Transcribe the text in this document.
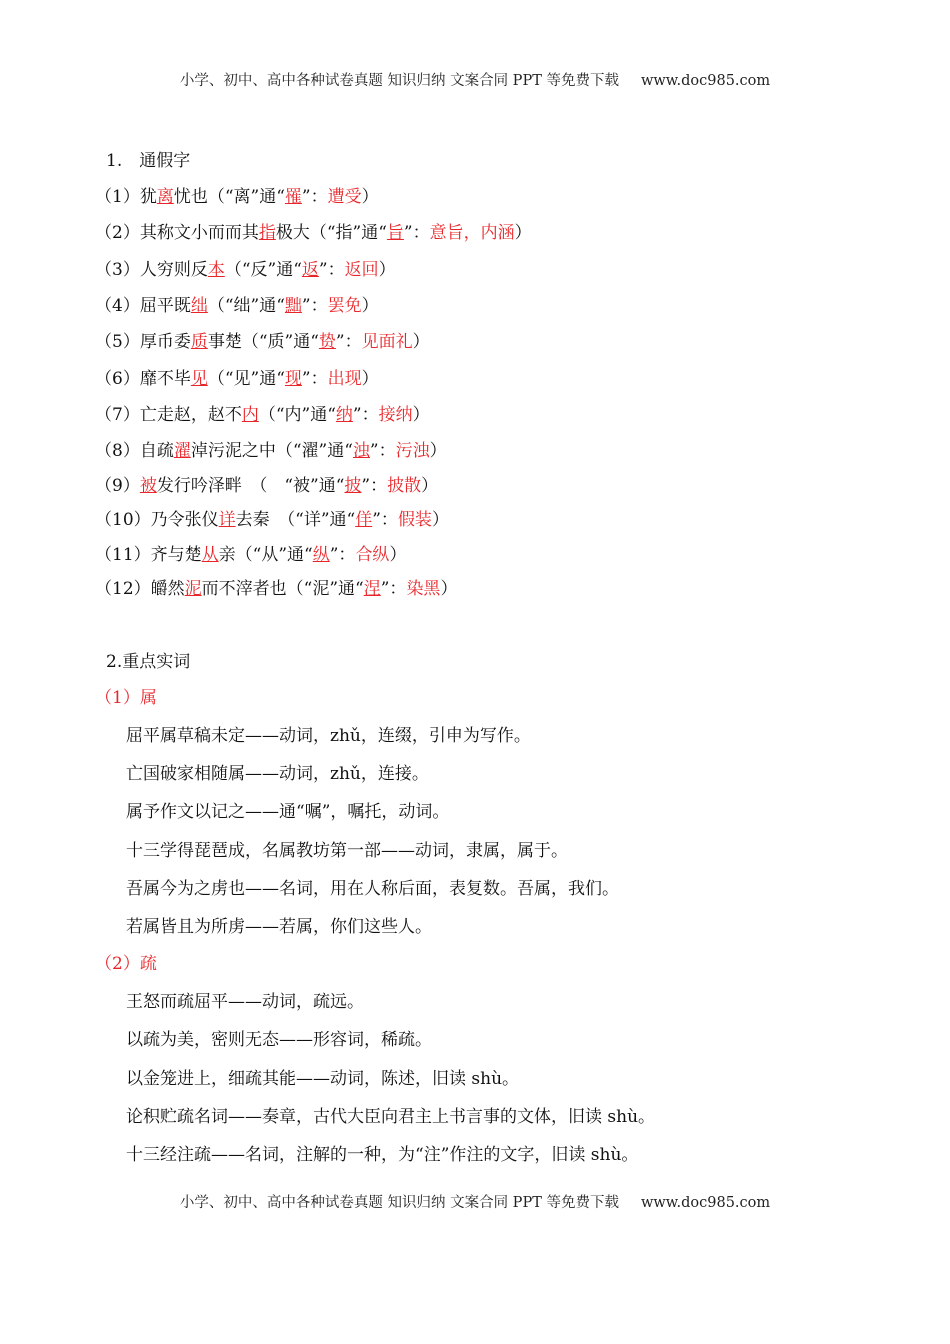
小学、初中、高中各种试卷真题 知识归纳 文案合同 PPT 等免费下载 www.doc985.com
1.　通假字
（1）犹离忧也（“离”通“罹”：遭受）
（2）其称文小而而其指极大（“指”通“旨”：意旨，内涵）
（3）人穷则反本（“反”通“返”：返回）
（4）屈平既绌（“绌”通“黜”：罢免）
（5）厚币委质事楚（“质”通“贽”：见面礼）
（6）靡不毕见（“见”通“现”：出现）
（7）亡走赵，赵不内（“内”通“纳”：接纳）
（8）自疏濯淖污泥之中（“濯”通“浊”：污浊）
（9）被发行吟泽畔　（　“被”通“披”：披散）
（10）乃令张仪详去秦　（“详”通“佯”：假装）
（11）齐与楚从亲（“从”通“纵”：合纵）
（12）皭然泥而不滓者也（“泥”通“涅”：染黑）
2.重点实词
（1）属
屈平属草稿未定——动词，zhǔ，连缀，引申为写作。
亡国破家相随属——动词，zhǔ，连接。
属予作文以记之——通“嘱”，嘱托，动词。
十三学得琵琶成，名属教坊第一部——动词，隶属，属于。
吾属今为之虏也——名词，用在人称后面，表复数。吾属，我们。
若属皆且为所虏——若属，你们这些人。
（2）疏
王怒而疏屈平——动词，疏远。
以疏为美，密则无态——形容词，稀疏。
以金笼进上，细疏其能——动词，陈述，旧读 shù。
论积贮疏名词——奏章，古代大臣向君主上书言事的文体，旧读 shù。
十三经注疏——名词，注解的一种，为“注”作注的文字，旧读 shù。
小学、初中、高中各种试卷真题 知识归纳 文案合同 PPT 等免费下载 www.doc985.com
